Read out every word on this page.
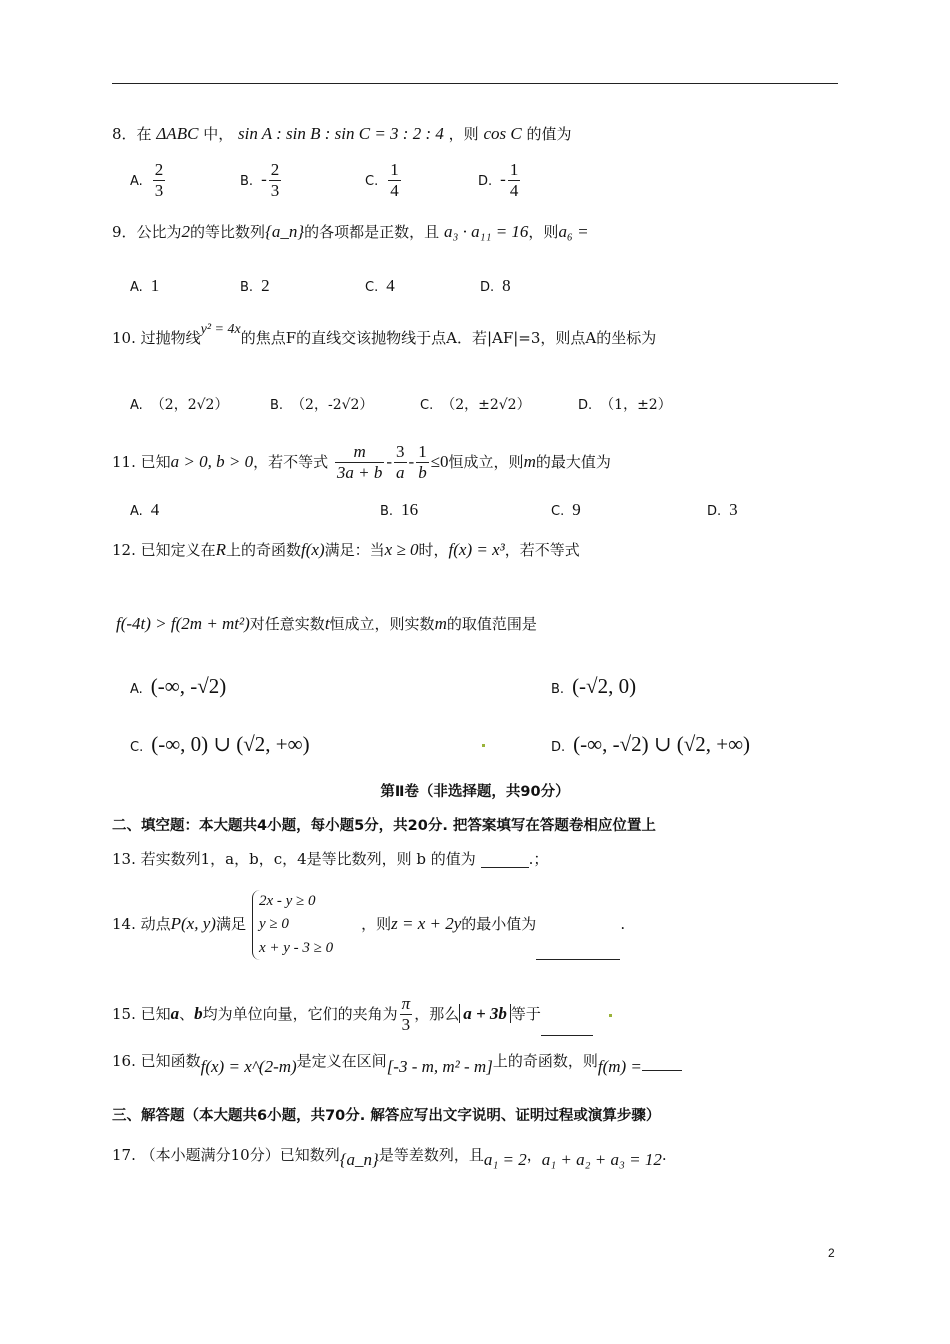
8．在 ΔABC 中， sin A : sin B : sin C = 3 : 2 : 4 ，则 cos C 的值为
A. $\frac{2}{3}$	B. - $\frac{2}{3}$	C. $\frac{1}{4}$	D. - $\frac{1}{4}$
9．公比为2的等比数列{a_n}的各项都是正数，且 a₃ · a₁₁ = 16，则a₆ =
A. 1	B. 2	C. 4	D. 8
10. 过抛物线y² = 4x的焦点F的直线交该抛物线于点A．若|AF|=3，则点A的坐标为
A. （2，2√2）	B. （2，-2√2）	C. （2，±2√2）	D. （1，±2）
11. 已知a > 0, b > 0，若不等式 $\frac{m}{3a + b} - \frac{3}{a} - \frac{1}{b} \le 0$恒成立，则m的最大值为
A. 4	B. 16	C. 9	D. 3
12. 已知定义在R上的奇函数f(x)满足：当x ≥ 0时，f(x) = x³，若不等式
f(-4t) > f(2m + mt²)对任意实数t恒成立，则实数m的取值范围是
A. (-∞, -√2)	B. (-√2, 0)
C. (-∞, 0) ∪ (√2, +∞)	D. (-∞, -√2) ∪ (√2, +∞)
第Ⅱ卷（非选择题，共90分）
二、填空题：本大题共4小题，每小题5分，共20分. 把答案填写在答题卷相应位置上
13. 若实数列1，a，b，c，4是等比数列，则 b 的值为	.；
14. 动点P(x, y)满足
2x - y ≥ 0
y ≥ 0
x + y - 3 ≥ 0
，则z = x + 2y的最小值为	.
15. 已知a、b均为单位向量，它们的夹角为 $\frac{\pi}{3}$ ，那么 a + 3b 等于
16. 已知函数f(x) = x^(2-m)是定义在区间[-3 - m, m² - m]上的奇函数，则f(m) =
三、解答题（本大题共6小题，共70分. 解答应写出文字说明、证明过程或演算步骤）
17. （本小题满分10分）已知数列{a_n}是等差数列，且a₁ = 2，a₁ + a₂ + a₃ = 12.
2
